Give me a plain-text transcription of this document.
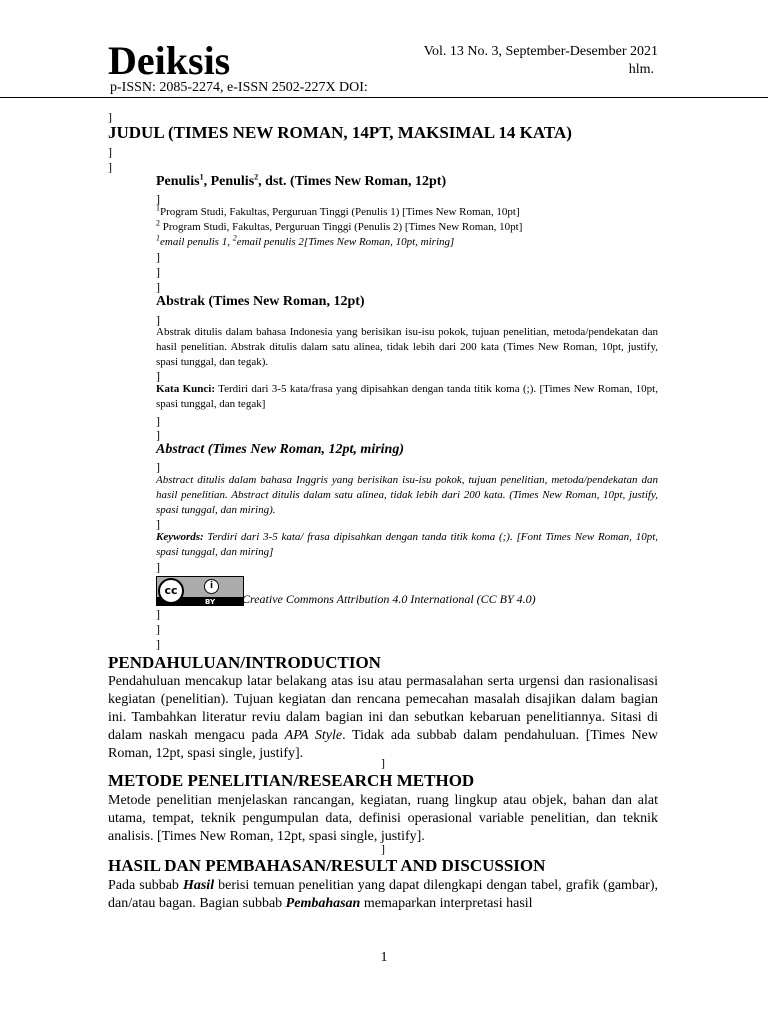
Deiksis	Vol. 13 No. 3, September-Desember 2021
hlm.
p-ISSN: 2085-2274, e-ISSN 2502-227X DOI:
]
JUDUL (TIMES NEW ROMAN, 14PT, MAKSIMAL 14 KATA)
]
]
Penulis$^1$, Penulis$^2$, dst. (Times New Roman, 12pt)
]
$^1$Program Studi, Fakultas, Perguruan Tinggi (Penulis 1) [Times New Roman, 10pt]
$^2$ Program Studi, Fakultas, Perguruan Tinggi (Penulis 2) [Times New Roman, 10pt]
$^1$email penulis 1, $^2$email penulis 2[Times New Roman, 10pt, miring]
]
]
]
Abstrak (Times New Roman, 12pt)
]
Abstrak ditulis dalam bahasa Indonesia yang berisikan isu-isu pokok, tujuan penelitian, metoda/pendekatan dan hasil penelitian. Abstrak ditulis dalam satu alinea, tidak lebih dari 200 kata (Times New Roman, 10pt, justify, spasi tunggal, dan tegak).
]
Kata Kunci: Terdiri dari 3-5 kata/frasa yang dipisahkan dengan tanda titik koma (;). [Times New Roman, 10pt, spasi tunggal, dan tegak]
]
]
Abstract (Times New Roman, 12pt, miring)
]
Abstract ditulis dalam bahasa Inggris yang berisikan isu-isu pokok, tujuan penelitian, metoda/pendekatan dan hasil penelitian. Abstract ditulis dalam satu alinea, tidak lebih dari 200 kata. (Times New Roman, 10pt, justify, spasi tunggal, dan miring).
]
Keywords: Terdiri dari 3-5 kata/ frasa dipisahkan dengan tanda titik koma (;). [Font Times New Roman, 10pt, spasi tunggal, dan miring]
]
cc	i
BY Creative Commons Attribution 4.0 International (CC BY 4.0)
]
]
]
PENDAHULUAN/INTRODUCTION
Pendahuluan mencakup latar belakang atas isu atau permasalahan serta urgensi dan rasionalisasi kegiatan (penelitian). Tujuan kegiatan dan rencana pemecahan masalah disajikan dalam bagian ini. Tambahkan literatur reviu dalam bagian ini dan sebutkan kebaruan penelitiannya. Sitasi di dalam naskah mengacu pada APA Style. Tidak ada subbab dalam pendahuluan. [Times New Roman, 12pt, spasi single, justify].
]
METODE PENELITIAN/RESEARCH METHOD
Metode penelitian menjelaskan rancangan, kegiatan, ruang lingkup atau objek, bahan dan alat utama, tempat, teknik pengumpulan data, definisi operasional variable penelitian, dan teknik analisis. [Times New Roman, 12pt, spasi single, justify].
]
HASIL DAN PEMBAHASAN/RESULT AND DISCUSSION
Pada subbab Hasil berisi temuan penelitian yang dapat dilengkapi dengan tabel, grafik (gambar), dan/atau bagan. Bagian subbab Pembahasan memaparkan interpretasi hasil
1
